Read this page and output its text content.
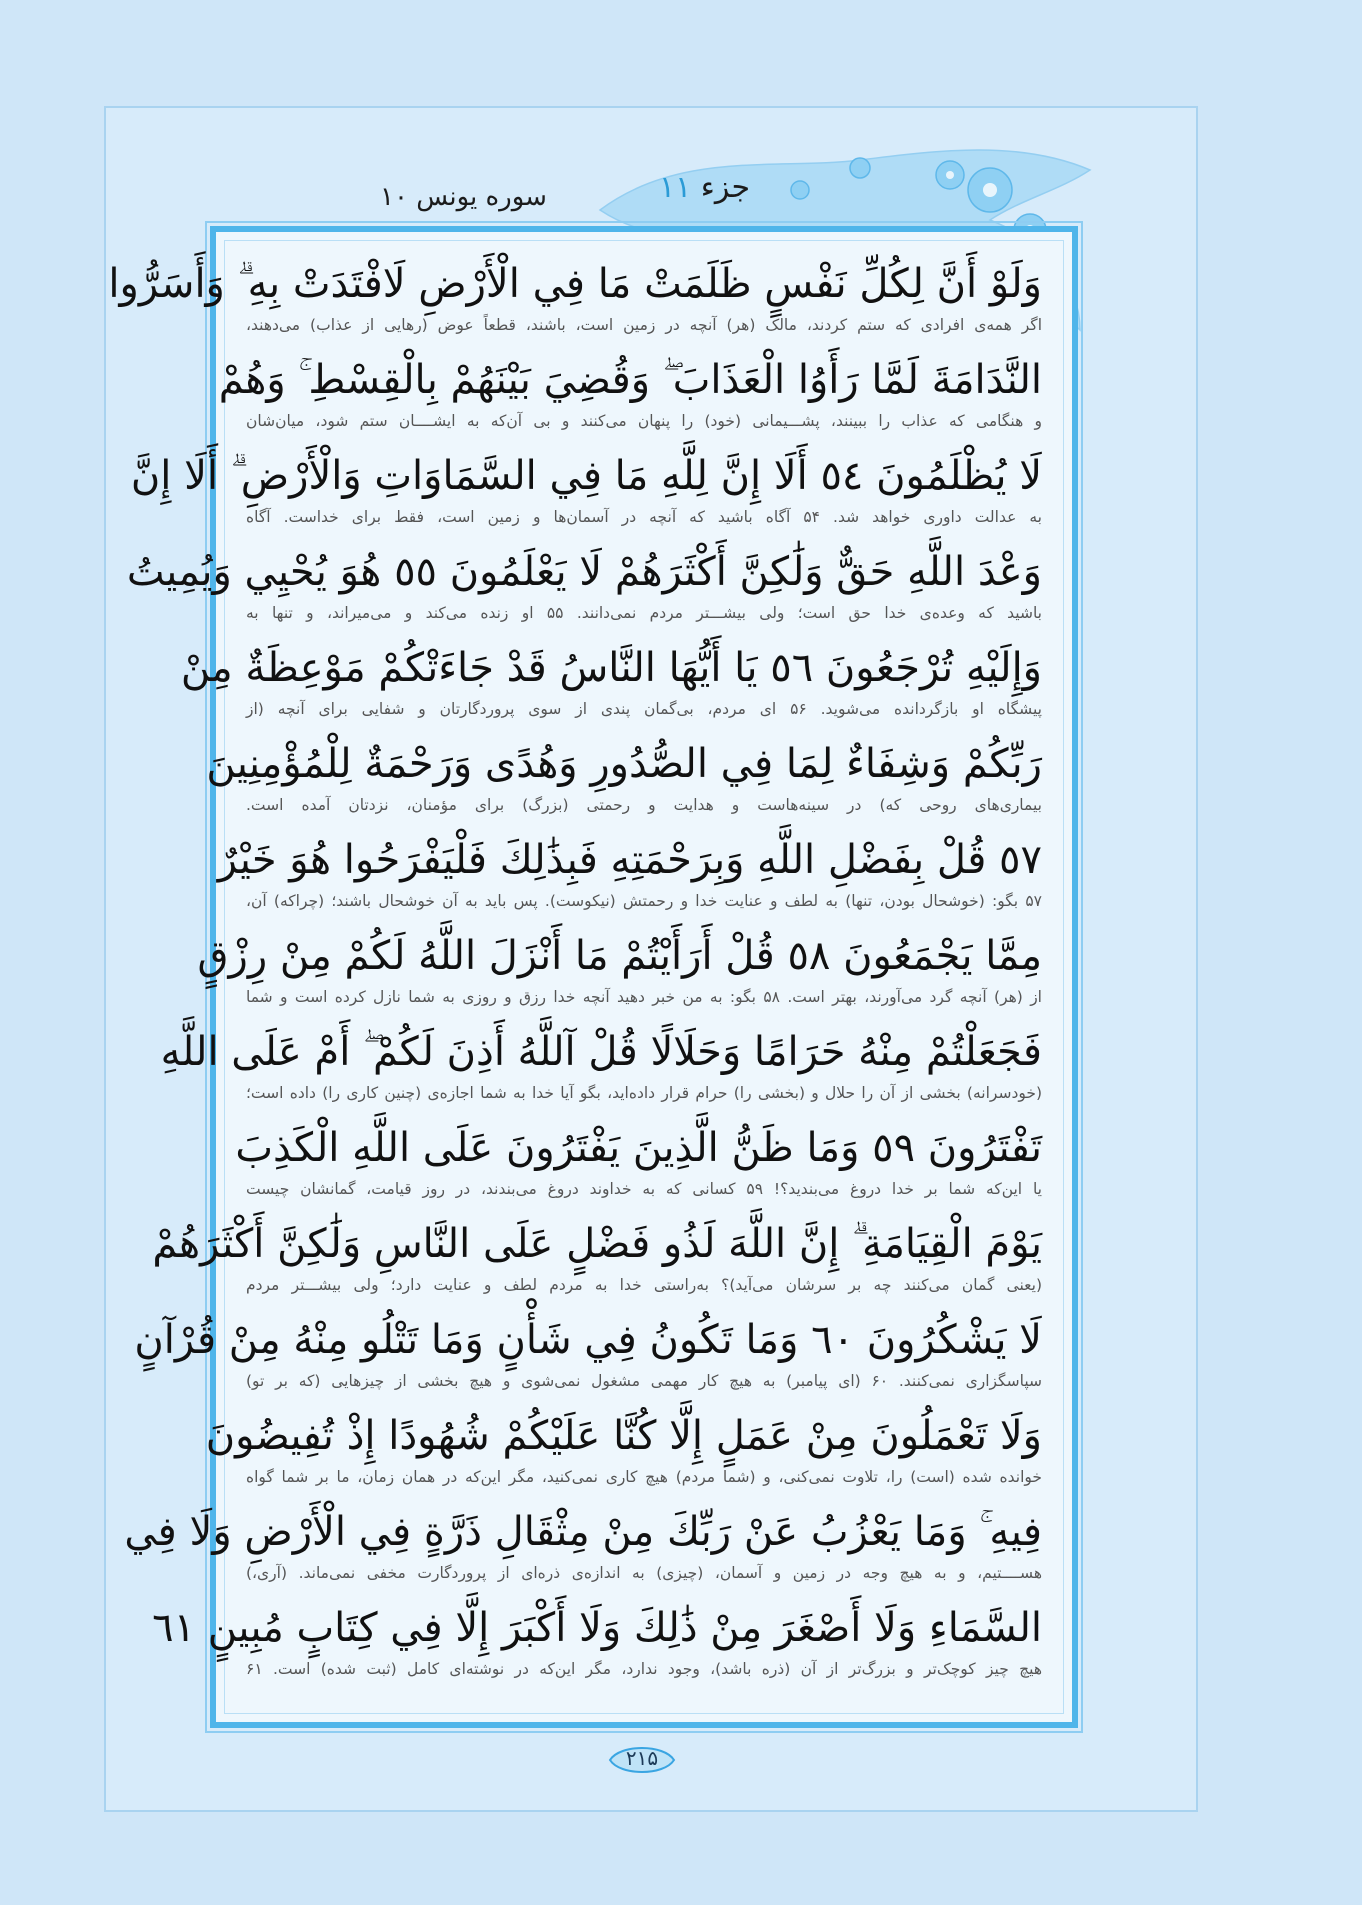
جزء ۱۱
سوره یونس ۱۰
وَلَوْ أَنَّ لِكُلِّ نَفْسٍ ظَلَمَتْ مَا فِي الْأَرْضِ لَافْتَدَتْ بِهِ ۗ وَأَسَرُّوا
اگر همه‌ی افرادی که ستم کردند، مالک (هر) آنچه در زمین است، باشند، قطعاً عوض (رهایی از عذاب) می‌دهند،
النَّدَامَةَ لَمَّا رَأَوُا الْعَذَابَ ۖ وَقُضِيَ بَيْنَهُمْ بِالْقِسْطِ ۚ وَهُمْ
و هنگامی که عذاب را ببینند، پشـــیمانی (خود) را پنهان می‌کنند و بی آن‌که به ایشــــان ستم شود، میان‌شان
لَا يُظْلَمُونَ ٥٤ أَلَا إِنَّ لِلَّهِ مَا فِي السَّمَاوَاتِ وَالْأَرْضِ ۗ أَلَا إِنَّ
به عدالت داوری خواهد شد. ۵۴ آگاه باشید که آنچه در آسمان‌ها و زمین است، فقط برای خداست. آگاه
وَعْدَ اللَّهِ حَقٌّ وَلَٰكِنَّ أَكْثَرَهُمْ لَا يَعْلَمُونَ ٥٥ هُوَ يُحْيِي وَيُمِيتُ
باشید که وعده‌ی خدا حق است؛ ولی بیشـــتر مردم نمی‌دانند. ۵۵ او زنده می‌کند و می‌میراند، و تنها به
وَإِلَيْهِ تُرْجَعُونَ ٥٦ يَا أَيُّهَا النَّاسُ قَدْ جَاءَتْكُمْ مَوْعِظَةٌ مِنْ
پیشگاه او بازگردانده می‌شوید. ۵۶ ای مردم، بی‌گمان پندی از سوی پروردگارتان و شفایی برای آنچه (از
رَبِّكُمْ وَشِفَاءٌ لِمَا فِي الصُّدُورِ وَهُدًى وَرَحْمَةٌ لِلْمُؤْمِنِينَ
بیماری‌های روحی که) در سینه‌هاست و هدایت و رحمتی (بزرگ) برای مؤمنان، نزدتان آمده است.
٥٧ قُلْ بِفَضْلِ اللَّهِ وَبِرَحْمَتِهِ فَبِذَٰلِكَ فَلْيَفْرَحُوا هُوَ خَيْرٌ
۵۷ بگو: (خوشحال بودن، تنها) به لطف و عنایت خدا و رحمتش (نیکوست). پس باید به آن خوشحال باشند؛ (چراکه) آن،
مِمَّا يَجْمَعُونَ ٥٨ قُلْ أَرَأَيْتُمْ مَا أَنْزَلَ اللَّهُ لَكُمْ مِنْ رِزْقٍ
از (هر) آنچه گرد می‌آورند، بهتر است. ۵۸ بگو: به من خبر دهید آنچه خدا رزق و روزی به شما نازل کرده است و شما
فَجَعَلْتُمْ مِنْهُ حَرَامًا وَحَلَالًا قُلْ آللَّهُ أَذِنَ لَكُمْ ۖ أَمْ عَلَى اللَّهِ
(خودسرانه) بخشی از آن را حلال و (بخشی را) حرام قرار داده‌اید، بگو آیا خدا به شما اجازه‌ی (چنین کاری را) داده است؛
تَفْتَرُونَ ٥٩ وَمَا ظَنُّ الَّذِينَ يَفْتَرُونَ عَلَى اللَّهِ الْكَذِبَ
یا این‌که شما بر خدا دروغ می‌بندید؟! ۵۹ کسانی که به خداوند دروغ می‌بندند، در روز قیامت، گمانشان چیست
يَوْمَ الْقِيَامَةِ ۗ إِنَّ اللَّهَ لَذُو فَضْلٍ عَلَى النَّاسِ وَلَٰكِنَّ أَكْثَرَهُمْ
(یعنی گمان می‌کنند چه بر سرشان می‌آید)؟ به‌راستی خدا به مردم لطف و عنایت دارد؛ ولی بیشـــتر مردم
لَا يَشْكُرُونَ ٦٠ وَمَا تَكُونُ فِي شَأْنٍ وَمَا تَتْلُو مِنْهُ مِنْ قُرْآنٍ
سپاسگزاری نمی‌کنند. ۶۰ (ای پیامبر) به هیچ کار مهمی مشغول نمی‌شوی و هیچ بخشی از چیزهایی (که بر تو)
وَلَا تَعْمَلُونَ مِنْ عَمَلٍ إِلَّا كُنَّا عَلَيْكُمْ شُهُودًا إِذْ تُفِيضُونَ
خوانده شده (است) را، تلاوت نمی‌کنی، و (شما مردم) هیچ کاری نمی‌کنید، مگر این‌که در همان زمان، ما بر شما گواه
فِيهِ ۚ وَمَا يَعْزُبُ عَنْ رَبِّكَ مِنْ مِثْقَالِ ذَرَّةٍ فِي الْأَرْضِ وَلَا فِي
هســــتیم، و به هیچ وجه در زمین و آسمان، (چیزی) به اندازه‌ی ذره‌ای از پروردگارت مخفی نمی‌ماند. (آری،)
السَّمَاءِ وَلَا أَصْغَرَ مِنْ ذَٰلِكَ وَلَا أَكْبَرَ إِلَّا فِي كِتَابٍ مُبِينٍ ٦١
هیچ چیز کوچک‌تر و بزرگ‌تر از آن (ذره باشد)، وجود ندارد، مگر این‌که در نوشته‌ای کامل (ثبت شده) است. ۶۱
۲۱۵
